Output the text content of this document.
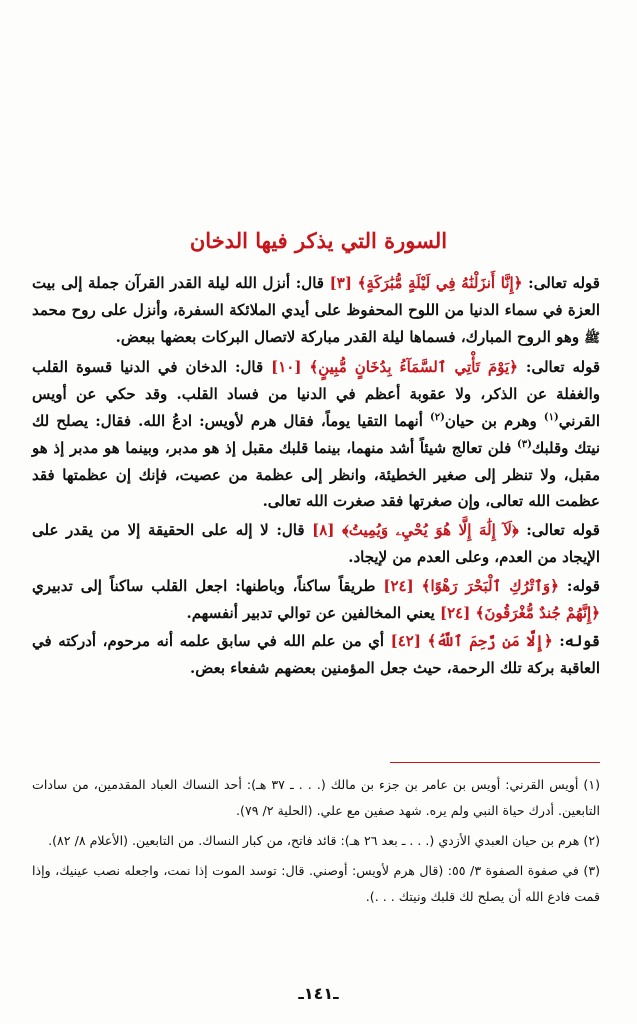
السورة التي يذكر فيها الدخان

قوله تعالى: ﴿إِنَّا أَنزَلْنَٰهُ فِي لَيْلَةٍ مُّبَٰرَكَةٍ﴾ [٣] قال: أنزل الله ليلة القدر القرآن جملة إلى بيت العزة في سماء الدنيا من اللوح المحفوظ على أيدي الملائكة السفرة، وأنزل على روح محمد ﷺ وهو الروح المبارك، فسماها ليلة القدر مباركة لاتصال البركات بعضها ببعض.

قوله تعالى: ﴿يَوْمَ تَأْتِي ٱلسَّمَآءُ بِدُخَانٍ مُّبِينٍ﴾ [١٠] قال: الدخان في الدنيا قسوة القلب والغفلة عن الذكر، ولا عقوبة أعظم في الدنيا من فساد القلب. وقد حكي عن أويس القرني$^{(١)}$ وهرم بن حيان$^{(٢)}$ أنهما التقيا يوماً، فقال هرم لأويس: ادعُ الله. فقال: يصلح لك نيتك وقلبك$^{(٣)}$ فلن تعالج شيئاً أشد منهما، بينما قلبك مقبل إذ هو مدبر، وبينما هو مدبر إذ هو مقبل، ولا تنظر إلى صغير الخطيئة، وانظر إلى عظمة من عصيت، فإنك إن عظمتها فقد عظمت الله تعالى، وإن صغرتها فقد صغرت الله تعالى.

قوله تعالى: ﴿لَآ إِلَٰهَ إِلَّا هُوَ يُحْيِۦ وَيُمِيتُ﴾ [٨] قال: لا إله على الحقيقة إلا من يقدر على الإيجاد من العدم، وعلى العدم من لإيجاد.

قوله: ﴿وَٱتْرُكِ ٱلْبَحْرَ رَهْوًا﴾ [٢٤] طريقاً ساكناً، وباطنها: اجعل القلب ساكناً إلى تدبيري ﴿إِنَّهُمْ جُندٌ مُّغْرَقُونَ﴾ [٢٤] يعني المخالفين عن توالي تدبير أنفسهم.

قوله: ﴿إِلَّا مَن رَّحِمَ ٱللَّهُ﴾ [٤٢] أي من علم الله في سابق علمه أنه مرحوم، أدركته في العاقبة بركة تلك الرحمة، حيث جعل المؤمنين بعضهم شفعاء بعض.

(١) أويس القرني: أويس بن عامر بن جزء بن مالك (. . . ـ ٣٧ هـ): أحد النساك العباد المقدمين، من سادات التابعين. أدرك حياة النبي ولم يره. شهد صفين مع علي. (الحلية ٢/ ٧٩).

(٢) هرم بن حيان العبدي الأزدي (. . . ـ بعد ٢٦ هـ): قائد فاتح، من كبار النساك. من التابعين. (الأعلام ٨/ ٨٢).

(٣) في صفوة الصفوة ٣/ ٥٥: (قال هرم لأويس: أوصني. قال: توسد الموت إذا نمت، واجعله نصب عينيك، وإذا قمت فادع الله أن يصلح لك قلبك ونيتك . . .).

ـ١٤١ـ
